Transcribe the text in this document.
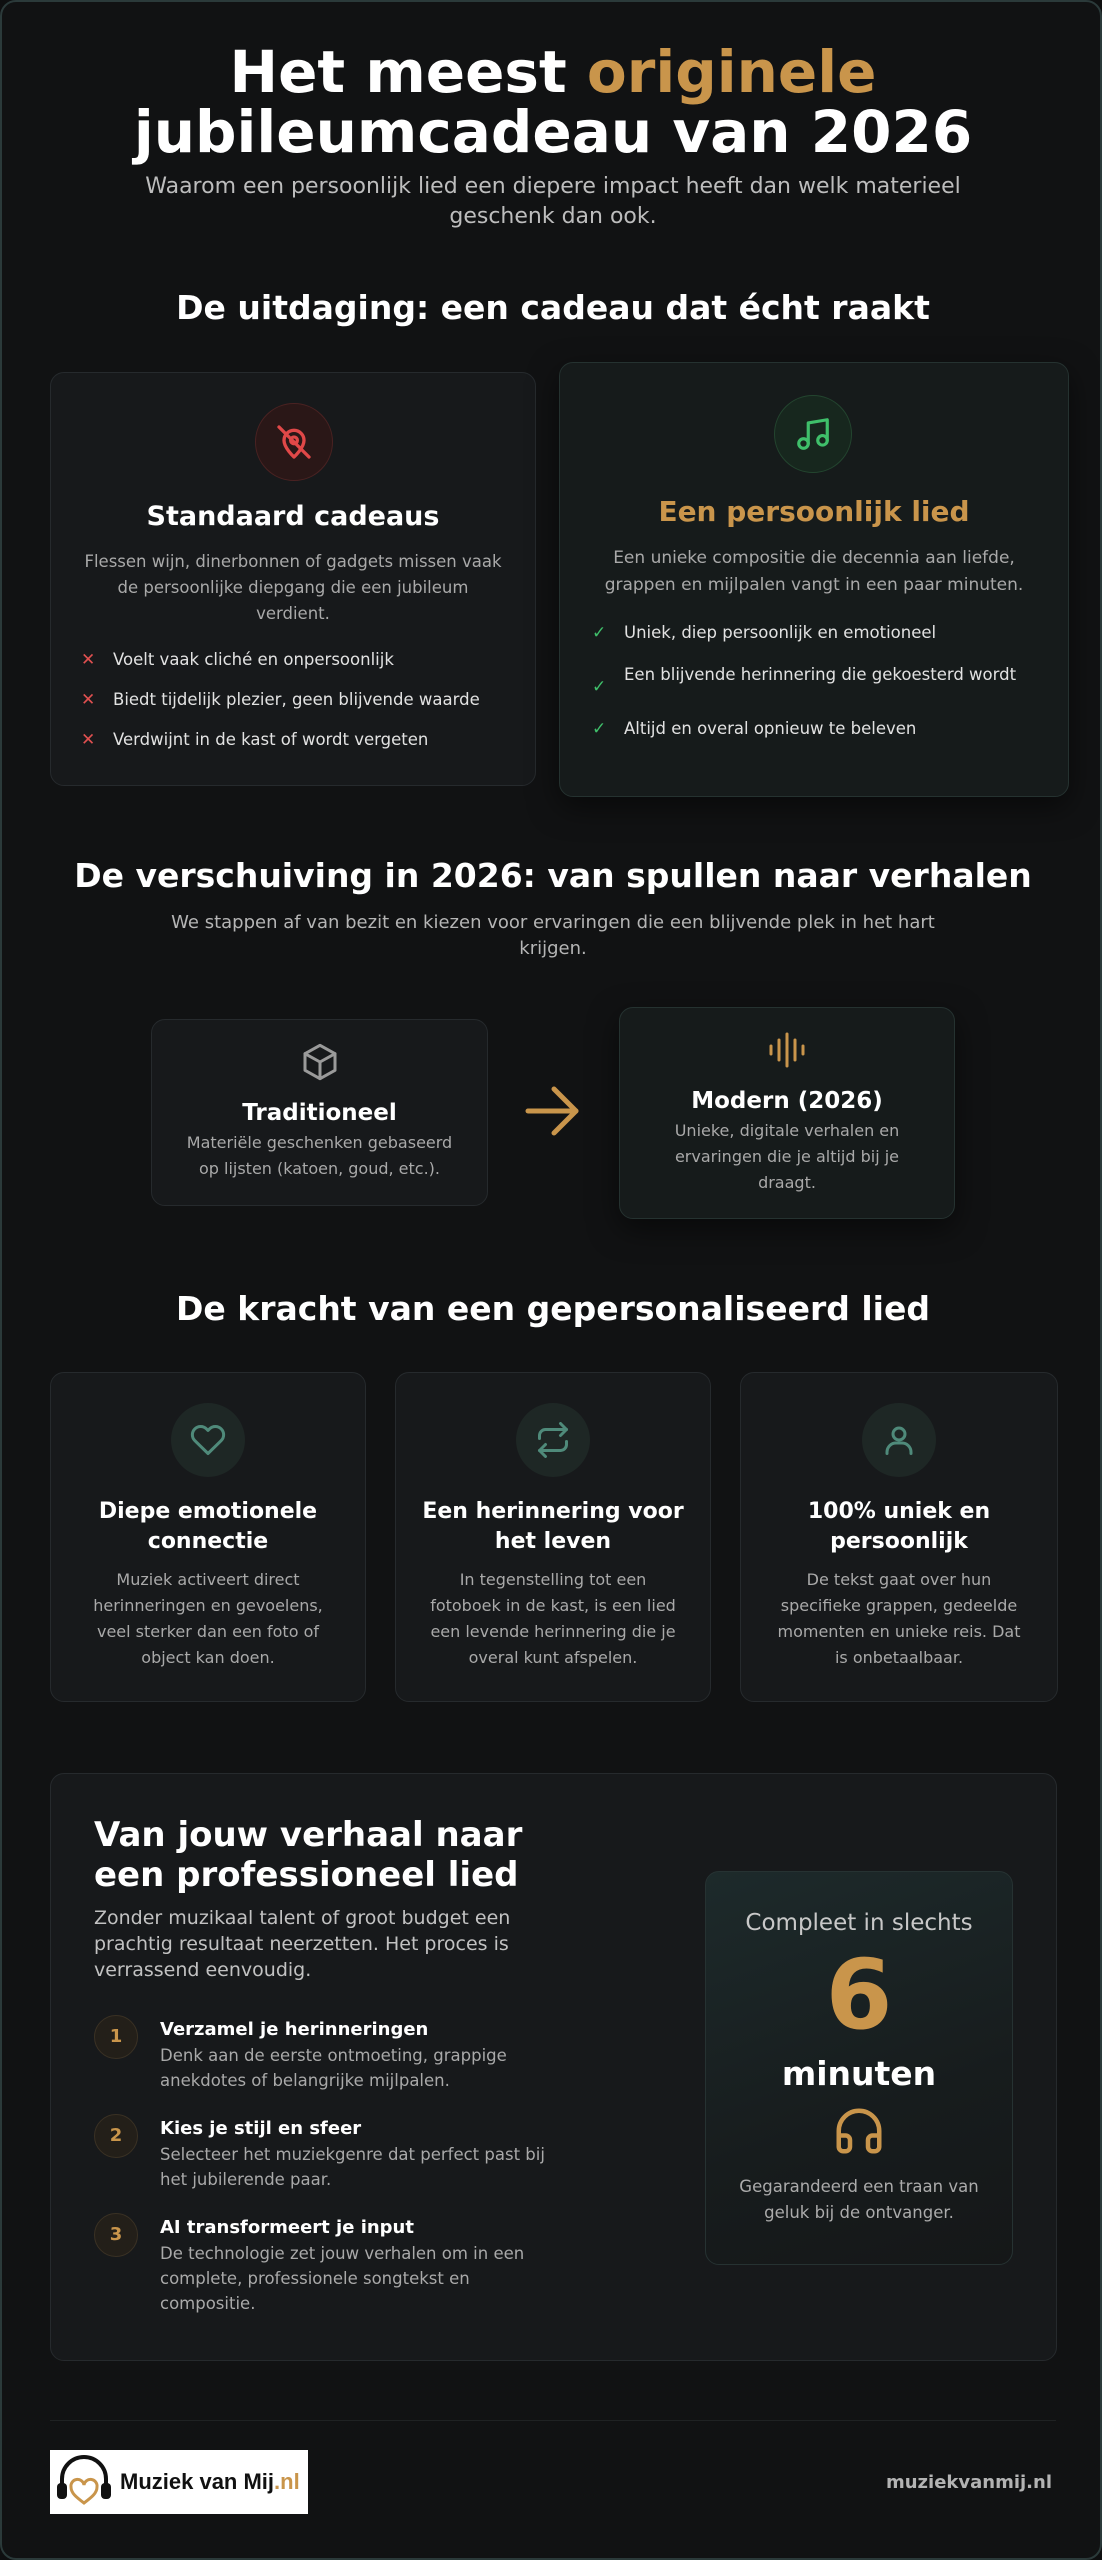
Het meest originele
jubileumcadeau van 2026

Waarom een persoonlijk lied een diepere impact heeft dan welk materieel geschenk dan ook.

De uitdaging: een cadeau dat écht raakt
Standaard cadeaus
Flessen wijn, dinerbonnen of gadgets missen vaak de persoonlijke diepgang die een jubileum verdient.
✕	Voelt vaak cliché en onpersoonlijk
✕	Biedt tijdelijk plezier, geen blijvende waarde
✕	Verdwijnt in de kast of wordt vergeten
Een persoonlijk lied
Een unieke compositie die decennia aan liefde, grappen en mijlpalen vangt in een paar minuten.
✓	Uniek, diep persoonlijk en emotioneel
✓
Een blijvende herinnering die gekoesterd wordt
✓	Altijd en overal opnieuw te beleven
De verschuiving in 2026: van spullen naar verhalen

We stappen af van bezit en kiezen voor ervaringen die een blijvende plek in het hart krijgen.

Traditioneel
Materiële geschenken gebaseerd op lijsten (katoen, goud, etc.).
Modern (2026)
Unieke, digitale verhalen en ervaringen die je altijd bij je draagt.
De kracht van een gepersonaliseerd lied
Diepe emotionele connectie
Muziek activeert direct herinneringen en gevoelens, veel sterker dan een foto of object kan doen.
Een herinnering voor het leven
In tegenstelling tot een fotoboek in de kast, is een lied een levende herinnering die je overal kunt afspelen.
100% uniek en persoonlijk
De tekst gaat over hun specifieke grappen, gedeelde momenten en unieke reis. Dat is onbetaalbaar.
Van jouw verhaal naar een professioneel lied

Zonder muzikaal talent of groot budget een prachtig resultaat neerzetten. Het proces is verrassend eenvoudig.

1	Verzamel je herinneringen
Denk aan de eerste ontmoeting, grappige anekdotes of belangrijke mijlpalen.
2	Kies je stijl en sfeer
Selecteer het muziekgenre dat perfect past bij het jubilerende paar.
3	AI transformeert je input
De technologie zet jouw verhalen om in een complete, professionele songtekst en compositie.
Compleet in slechts
6
minuten
Gegarandeerd een traan van geluk bij de ontvanger.
Muziek van Mij.nl	muziekvanmij.nl
